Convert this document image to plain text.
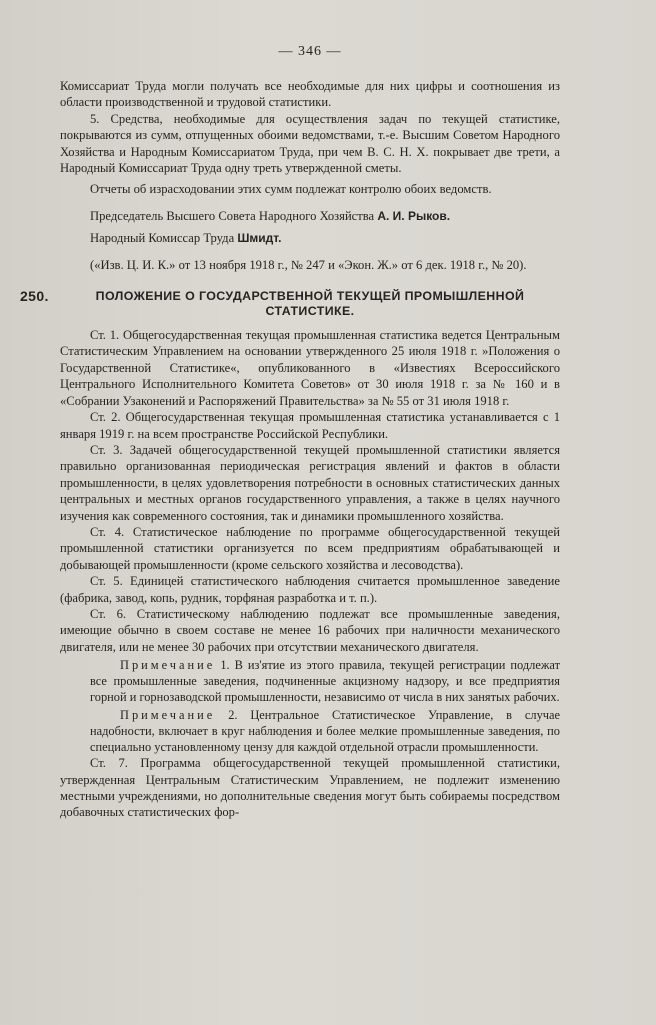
— 346 —

Комиссариат Труда могли получать все необходимые для них цифры и соотношения из области производственной и трудовой статистики.

5. Средства, необходимые для осуществления задач по текущей статистике, покрываются из сумм, отпущенных обоими ведомствами, т.-е. Высшим Советом Народного Хозяйства и Народным Комиссариатом Труда, при чем В. С. Н. Х. покрывает две трети, а Народный Комиссариат Труда одну треть утвержденной сметы.

Отчеты об израсходовании этих сумм подлежат контролю обоих ведомств.

Председатель Высшего Совета Народного Хозяйства А. И. Рыков.
Народный Комиссар Труда Шмидт.

(«Изв. Ц. И. К.» от 13 ноября 1918 г., № 247 и «Экон. Ж.» от 6 дек. 1918 г., № 20).

250.	ПОЛОЖЕНИЕ О ГОСУДАРСТВЕННОЙ ТЕКУЩЕЙ ПРОМЫШЛЕННОЙ
СТАТИСТИКЕ.

Ст. 1. Общегосударственная текущая промышленная статистика ведется Центральным Статистическим Управлением на основании утвержденного 25 июля 1918 г. »Положения о Государственной Статистике«, опубликованного в «Известиях Всероссийского Центрального Исполнительного Комитета Советов» от 30 июля 1918 г. за № 160 и в «Собрании Узаконений и Распоряжений Правительства» за № 55 от 31 июля 1918 г.

Ст. 2. Общегосударственная текущая промышленная статистика устанавливается с 1 января 1919 г. на всем пространстве Российской Республики.

Ст. 3. Задачей общегосударственной текущей промышленной статистики является правильно организованная периодическая регистрация явлений и фактов в области промышленности, в целях удовлетворения потребности в основных статистических данных центральных и местных органов государственного управления, а также в целях научного изучения как современного состояния, так и динамики промышленного хозяйства.

Ст. 4. Статистическое наблюдение по программе общегосударственной текущей промышленной статистики организуется по всем предприятиям обрабатывающей и добывающей промышленности (кроме сельского хозяйства и лесоводства).

Ст. 5. Единицей статистического наблюдения считается промышленное заведение (фабрика, завод, копь, рудник, торфяная разработка и т. п.).

Ст. 6. Статистическому наблюдению подлежат все промышленные заведения, имеющие обычно в своем составе не менее 16 рабочих при наличности механического двигателя, или не менее 30 рабочих при отсутствии механического двигателя.

Примечание 1. В из'ятие из этого правила, текущей регистрации подлежат все промышленные заведения, подчиненные акцизному надзору, и все предприятия горной и горнозаводской промышленности, независимо от числа в них занятых рабочих.

Примечание 2. Центральное Статистическое Управление, в случае надобности, включает в круг наблюдения и более мелкие промышленные заведения, по специально установленному цензу для каждой отдельной отрасли промышленности.

Ст. 7. Программа общегосударственной текущей промышленной статистики, утвержденная Центральным Статистическим Управлением, не подлежит изменению местными учреждениями, но дополнительные сведения могут быть собираемы посредством добавочных статистических фор-
